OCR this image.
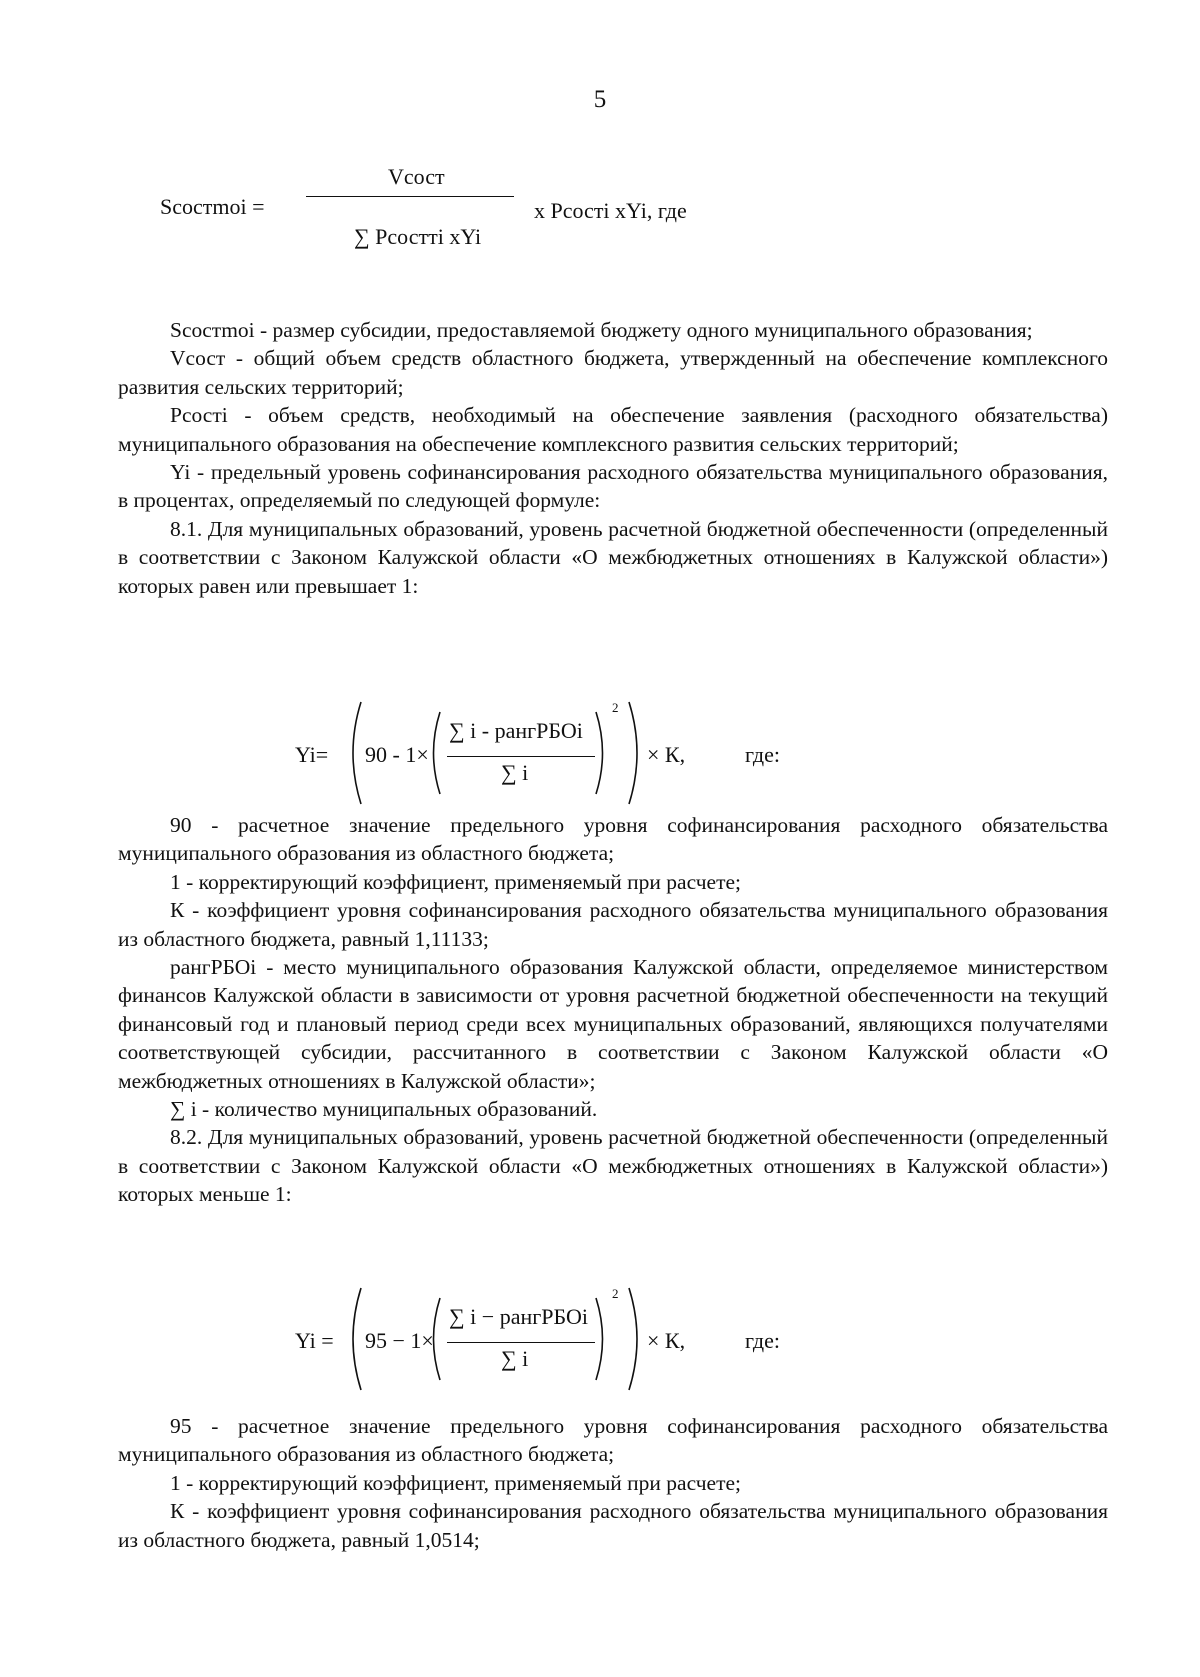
5
Scoстmoi =
Vсост
∑ Рсостті хYi
х Рсості хYi, где

Scoстmoi - размер субсидии, предоставляемой бюджету одного муниципального образования;

Vсост - общий объем средств областного бюджета, утвержденный на обеспечение комплексного развития сельских территорий;

Рсості - объем средств, необходимый на обеспечение заявления (расходного обязательства) муниципального образования на обеспечение комплексного развития сельских территорий;

Yi - предельный уровень софинансирования расходного обязательства муниципального образования, в процентах, определяемый по следующей формуле:

8.1. Для муниципальных образований, уровень расчетной бюджетной обеспеченности (определенный в соответствии с Законом Калужской области «О межбюджетных отношениях в Калужской области») которых равен или превышает 1:

Yi= 90 - 1×
∑ i - рангРБОi
∑ i
2
× К,	где:

90 - расчетное значение предельного уровня софинансирования расходного обязательства муниципального образования из областного бюджета;

1 - корректирующий коэффициент, применяемый при расчете;

К - коэффициент уровня софинансирования расходного обязательства муниципального образования из областного бюджета, равный 1,11133;

рангРБОi - место муниципального образования Калужской области, определяемое министерством финансов Калужской области в зависимости от уровня расчетной бюджетной обеспеченности на текущий финансовый год и плановый период среди всех муниципальных образований, являющихся получателями соответствующей субсидии, рассчитанного в соответствии с Законом Калужской области «О межбюджетных отношениях в Калужской области»;

∑ i - количество муниципальных образований.

8.2. Для муниципальных образований, уровень расчетной бюджетной обеспеченности (определенный в соответствии с Законом Калужской области «О межбюджетных отношениях в Калужской области») которых меньше 1:

Yi = 95 − 1×
∑ i − рангРБОi
∑ i
2
× К,	где:

95 - расчетное значение предельного уровня софинансирования расходного обязательства муниципального образования из областного бюджета;

1 - корректирующий коэффициент, применяемый при расчете;

К - коэффициент уровня софинансирования расходного обязательства муниципального образования из областного бюджета, равный 1,0514;
